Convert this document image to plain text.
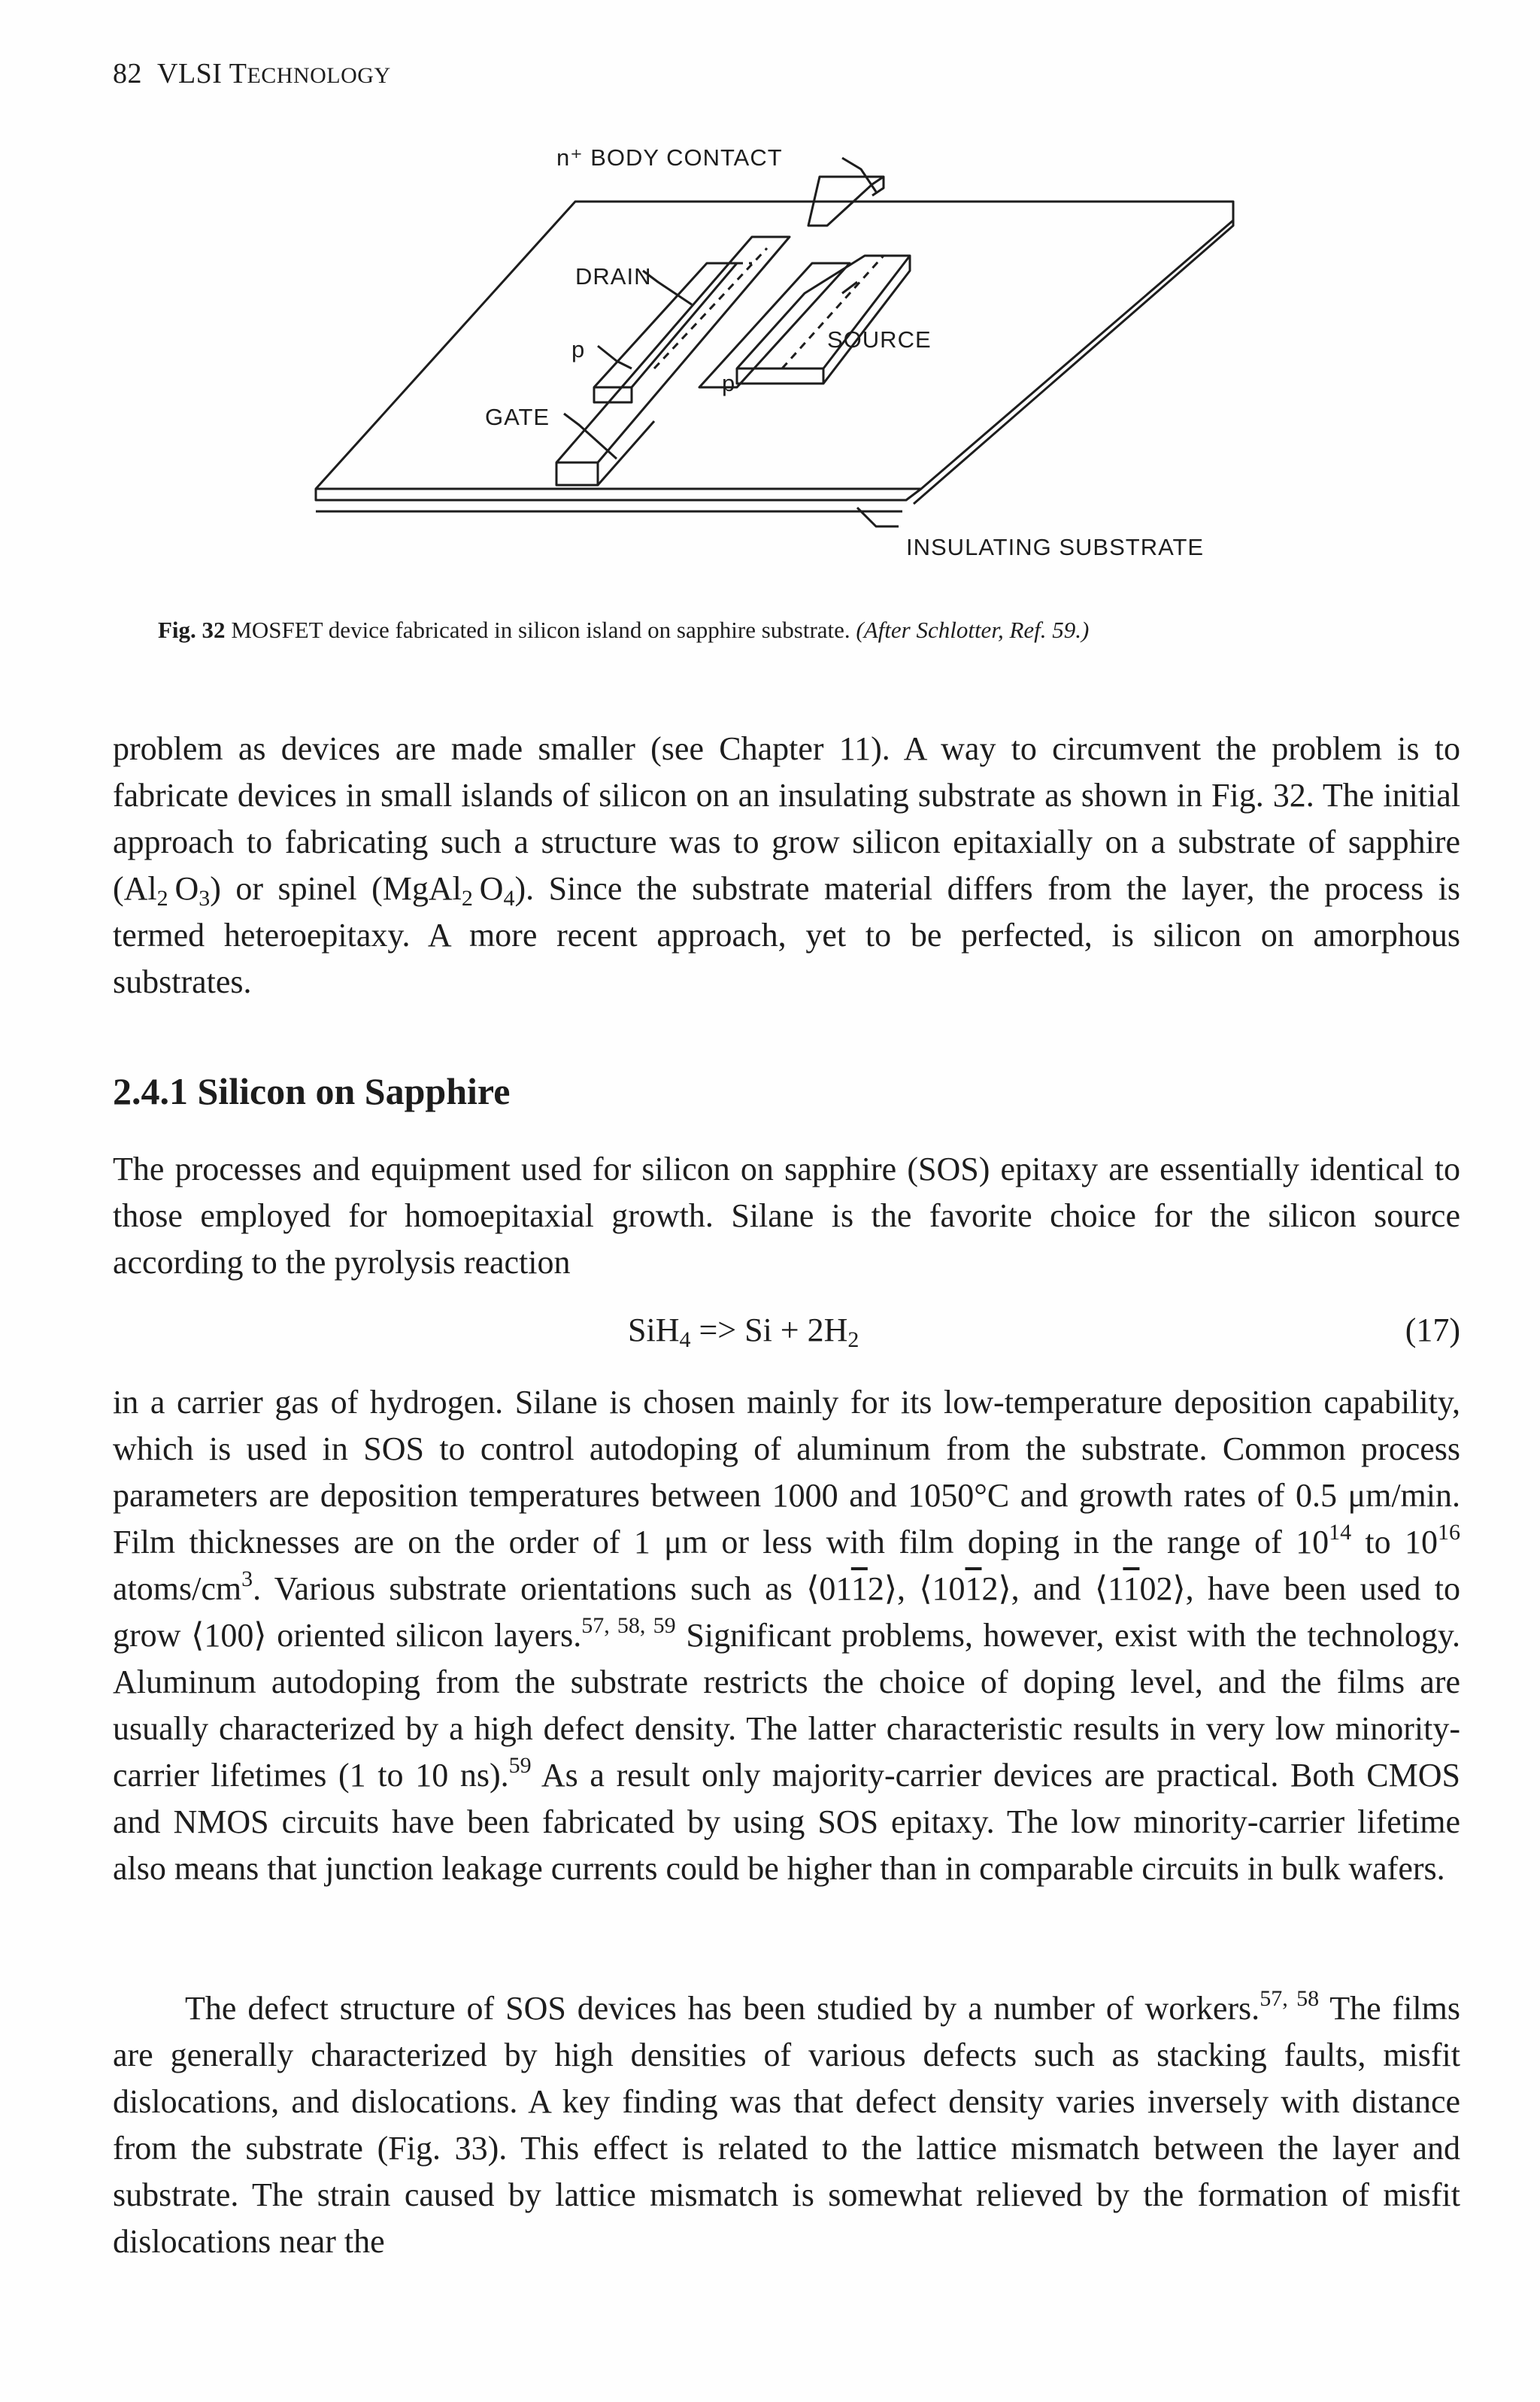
82 VLSI TECHNOLOGY
n⁺ BODY CONTACT
DRAIN
SOURCE
p
p
GATE
INSULATING SUBSTRATE
Fig. 32 MOSFET device fabricated in silicon island on sapphire substrate. (After Schlotter, Ref. 59.)
problem as devices are made smaller (see Chapter 11). A way to circumvent the problem is to fabricate devices in small islands of silicon on an insulating substrate as shown in Fig. 32. The initial approach to fabricating such a structure was to grow silicon epitaxially on a substrate of sapphire ($Al_2$ $O_3$) or spinel (MgAl$_2$ $O_4$). Since the substrate material differs from the layer, the process is termed heteroepitaxy. A more recent approach, yet to be perfected, is silicon on amorphous substrates.
2.4.1 Silicon on Sapphire
The processes and equipment used for silicon on sapphire (SOS) epitaxy are essentially identical to those employed for homoepitaxial growth. Silane is the favorite choice for the silicon source according to the pyrolysis reaction
$SiH_4 => Si + 2H_2$	(17)
in a carrier gas of hydrogen. Silane is chosen mainly for its low-temperature deposition capability, which is used in SOS to control autodoping of aluminum from the substrate. Common process parameters are deposition temperatures between 1000 and 1050°C and growth rates of 0.5 μm/min. Film thicknesses are on the order of 1 μm or less with film doping in the range of $10^{14}$ to $10^{16}$ atoms/$cm^3$. Various substrate orientations such as ⟨0112⟩, ⟨1012⟩, and ⟨1102⟩, have been used to grow ⟨100⟩ oriented silicon layers.$^{57, 58, 59}$ Significant problems, however, exist with the technology. Aluminum autodoping from the substrate restricts the choice of doping level, and the films are usually characterized by a high defect density. The latter characteristic results in very low minority-carrier lifetimes (1 to 10 ns).$^{59}$ As a result only majority-carrier devices are practical. Both CMOS and NMOS circuits have been fabricated by using SOS epitaxy. The low minority-carrier lifetime also means that junction leakage currents could be higher than in comparable circuits in bulk wafers.
The defect structure of SOS devices has been studied by a number of workers.$^{57, 58}$ The films are generally characterized by high densities of various defects such as stacking faults, misfit dislocations, and dislocations. A key finding was that defect density varies inversely with distance from the substrate (Fig. 33). This effect is related to the lattice mismatch between the layer and substrate. The strain caused by lattice mismatch is somewhat relieved by the formation of misfit dislocations near the
